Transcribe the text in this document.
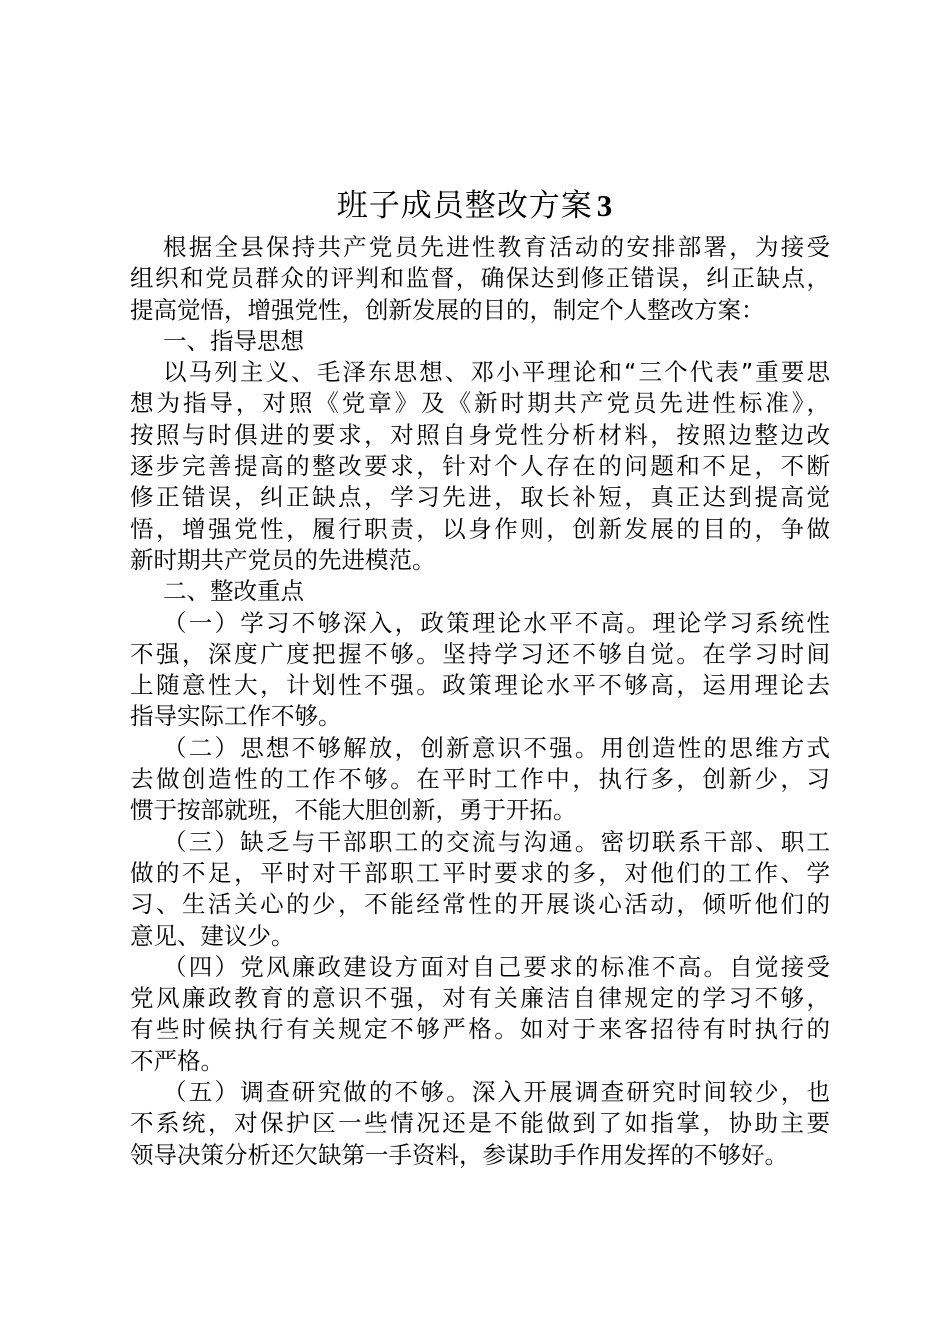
班子成员整改方案 3
根据全县保持共产党员先进性教育活动的安排部署，为接受
组织和党员群众的评判和监督，确保达到修正错误，纠正缺点，
提高觉悟，增强党性，创新发展的目的，制定个人整改方案：
一、指导思想
以马列主义、毛泽东思想、邓小平理论和“三个代表”重要思
想为指导，对照《党章》及《新时期共产党员先进性标准》，
按照与时俱进的要求，对照自身党性分析材料，按照边整边改
逐步完善提高的整改要求，针对个人存在的问题和不足，不断
修正错误，纠正缺点，学习先进，取长补短，真正达到提高觉
悟，增强党性，履行职责，以身作则，创新发展的目的，争做
新时期共产党员的先进模范。
二、整改重点
（一）学习不够深入，政策理论水平不高。理论学习系统性
不强，深度广度把握不够。坚持学习还不够自觉。在学习时间
上随意性大，计划性不强。政策理论水平不够高，运用理论去
指导实际工作不够。
（二）思想不够解放，创新意识不强。用创造性的思维方式
去做创造性的工作不够。在平时工作中，执行多，创新少，习
惯于按部就班，不能大胆创新，勇于开拓。
（三）缺乏与干部职工的交流与沟通。密切联系干部、职工
做的不足，平时对干部职工平时要求的多，对他们的工作、学
习、生活关心的少，不能经常性的开展谈心活动，倾听他们的
意见、建议少。
（四）党风廉政建设方面对自己要求的标准不高。自觉接受
党风廉政教育的意识不强，对有关廉洁自律规定的学习不够，
有些时候执行有关规定不够严格。如对于来客招待有时执行的
不严格。
（五）调查研究做的不够。深入开展调查研究时间较少，也
不系统，对保护区一些情况还是不能做到了如指掌，协助主要
领导决策分析还欠缺第一手资料，参谋助手作用发挥的不够好。
